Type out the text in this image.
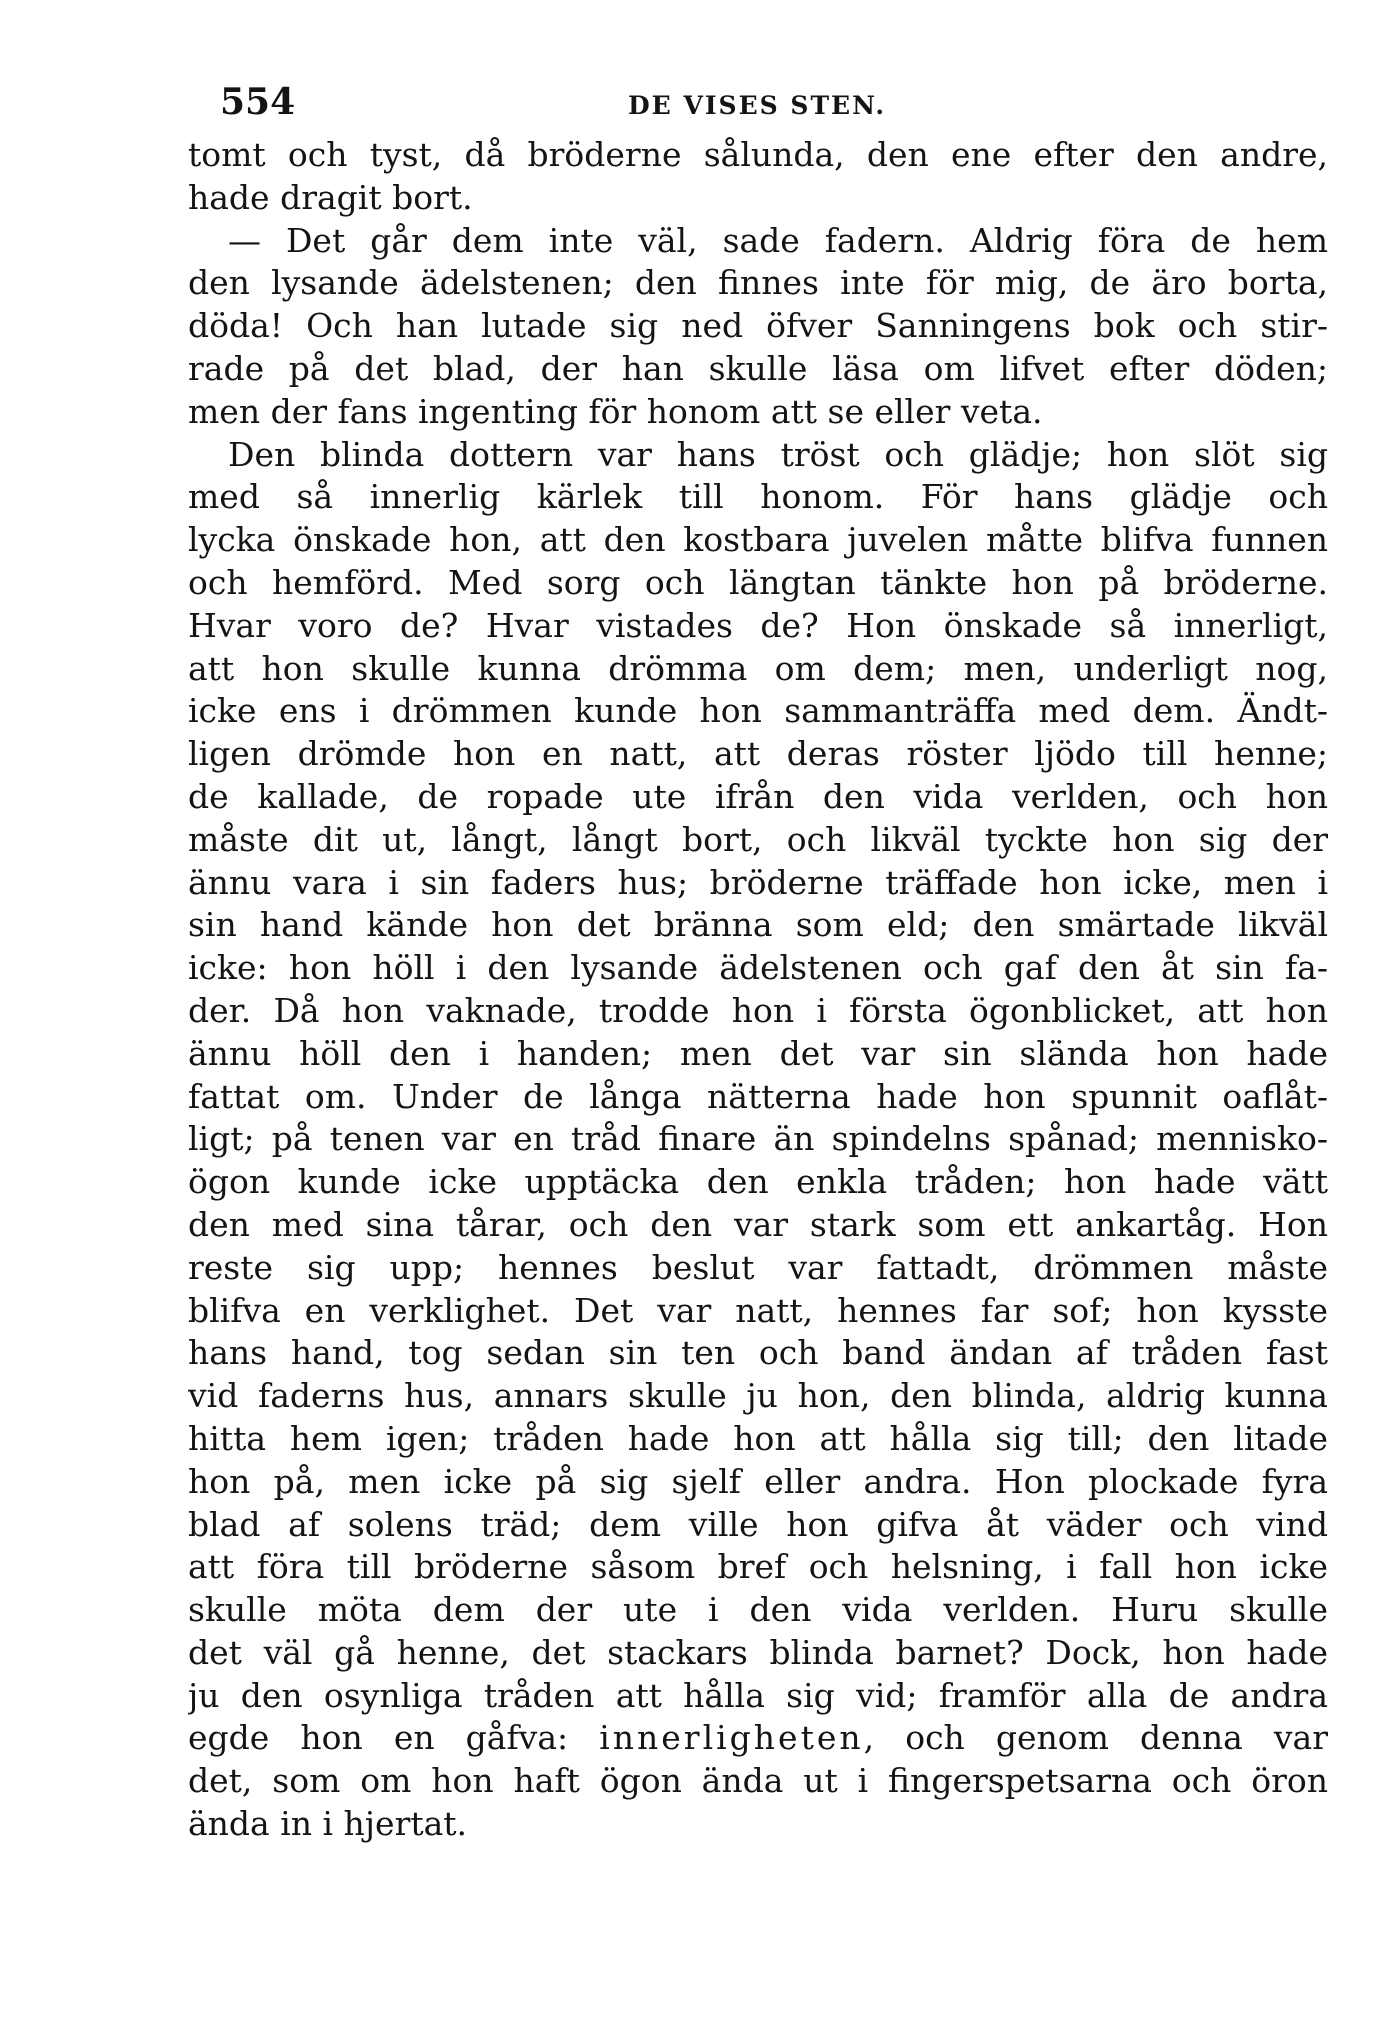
554	DE VISES STEN.
tomt och tyst, då bröderne sålunda, den ene efter den andre,
hade dragit bort.
— Det går dem inte väl, sade fadern. Aldrig föra de hem
den lysande ädelstenen; den finnes inte för mig, de äro borta,
döda! Och han lutade sig ned öfver Sanningens bok och stir-
rade på det blad, der han skulle läsa om lifvet efter döden;
men der fans ingenting för honom att se eller veta.
Den blinda dottern var hans tröst och glädje; hon slöt sig
med så innerlig kärlek till honom. För hans glädje och
lycka önskade hon, att den kostbara juvelen måtte blifva funnen
och hemförd. Med sorg och längtan tänkte hon på bröderne.
Hvar voro de? Hvar vistades de? Hon önskade så innerligt,
att hon skulle kunna drömma om dem; men, underligt nog,
icke ens i drömmen kunde hon sammanträffa med dem. Ändt-
ligen drömde hon en natt, att deras röster ljödo till henne;
de kallade, de ropade ute ifrån den vida verlden, och hon
måste dit ut, långt, långt bort, och likväl tyckte hon sig der
ännu vara i sin faders hus; bröderne träffade hon icke, men i
sin hand kände hon det bränna som eld; den smärtade likväl
icke: hon höll i den lysande ädelstenen och gaf den åt sin fa-
der. Då hon vaknade, trodde hon i första ögonblicket, att hon
ännu höll den i handen; men det var sin slända hon hade
fattat om. Under de långa nätterna hade hon spunnit oaflåt-
ligt; på tenen var en tråd finare än spindelns spånad; mennisko-
ögon kunde icke upptäcka den enkla tråden; hon hade vätt
den med sina tårar, och den var stark som ett ankartåg. Hon
reste sig upp; hennes beslut var fattadt, drömmen måste
blifva en verklighet. Det var natt, hennes far sof; hon kysste
hans hand, tog sedan sin ten och band ändan af tråden fast
vid faderns hus, annars skulle ju hon, den blinda, aldrig kunna
hitta hem igen; tråden hade hon att hålla sig till; den litade
hon på, men icke på sig sjelf eller andra. Hon plockade fyra
blad af solens träd; dem ville hon gifva åt väder och vind
att föra till bröderne såsom bref och helsning, i fall hon icke
skulle möta dem der ute i den vida verlden. Huru skulle
det väl gå henne, det stackars blinda barnet? Dock, hon hade
ju den osynliga tråden att hålla sig vid; framför alla de andra
egde hon en gåfva: innerligheten, och genom denna var
det, som om hon haft ögon ända ut i fingerspetsarna och öron
ända in i hjertat.
